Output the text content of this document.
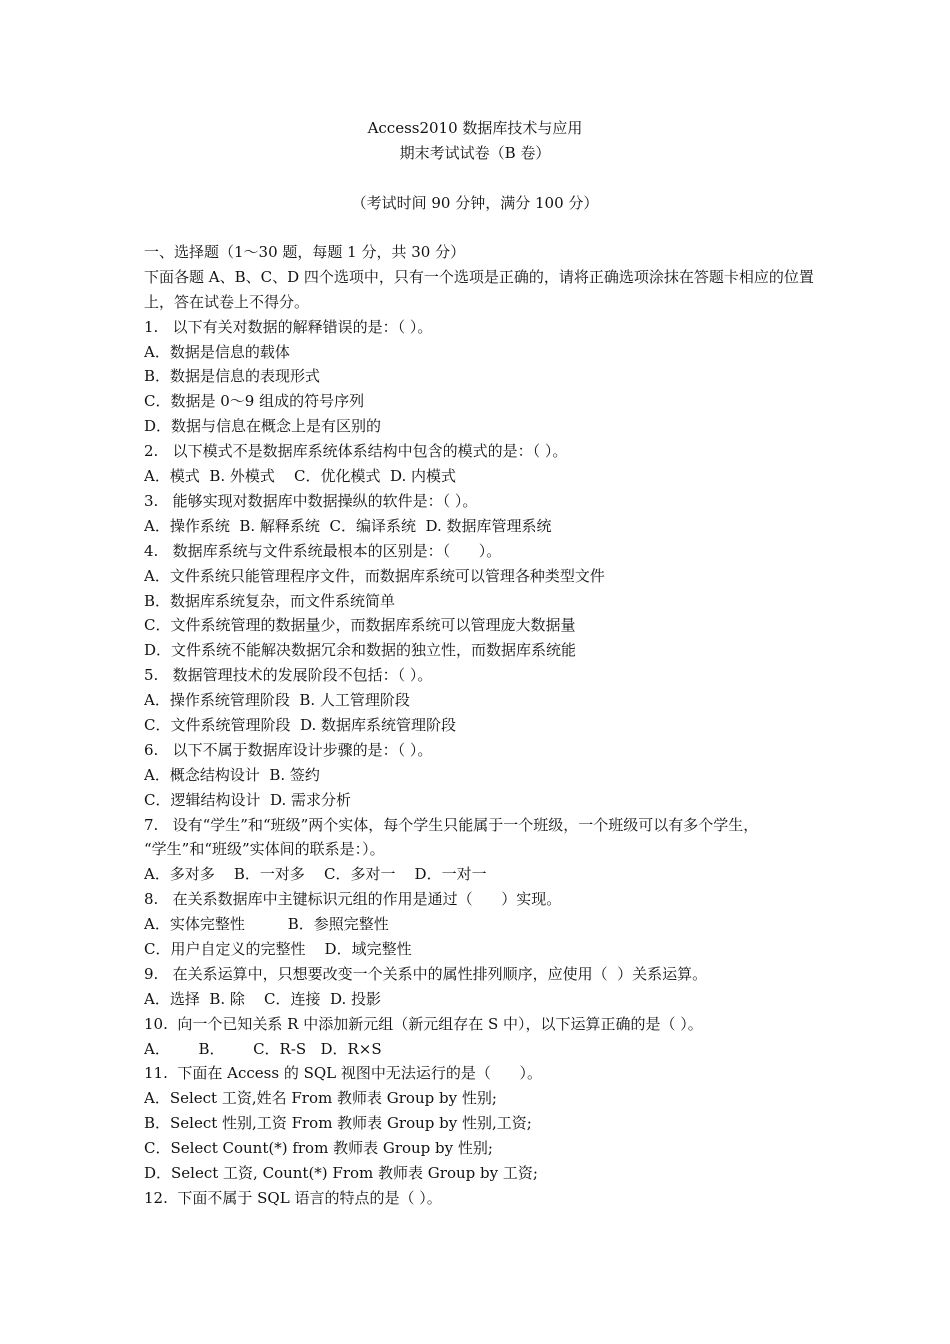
Access2010 数据库技术与应用
期末考试试卷（B 卷）
（考试时间 90 分钟，满分 100 分）
一、选择题（1～30 题，每题 1 分，共 30 分）
下面各题 A、B、C、D 四个选项中，只有一个选项是正确的，请将正确选项涂抹在答题卡相应的位置上，答在试卷上不得分。
1.   以下有关对数据的解释错误的是：（ ）。
A．数据是信息的载体
B．数据是信息的表现形式
C．数据是 0～9 组成的符号序列
D．数据与信息在概念上是有区别的
2.   以下模式不是数据库系统体系结构中包含的模式的是：（ ）。
A．模式  B. 外模式    C．优化模式  D. 内模式
3.   能够实现对数据库中数据操纵的软件是：（ ）。
A．操作系统  B. 解释系统  C．编译系统  D. 数据库管理系统
4.   数据库系统与文件系统最根本的区别是：（      ）。
A．文件系统只能管理程序文件，而数据库系统可以管理各种类型文件
B．数据库系统复杂，而文件系统简单
C．文件系统管理的数据量少，而数据库系统可以管理庞大数据量
D．文件系统不能解决数据冗余和数据的独立性，而数据库系统能
5.   数据管理技术的发展阶段不包括：（ ）。
A．操作系统管理阶段  B. 人工管理阶段
C．文件系统管理阶段  D. 数据库系统管理阶段
6.   以下不属于数据库设计步骤的是：（ ）。
A．概念结构设计  B. 签约
C．逻辑结构设计  D. 需求分析
7.   设有“学生”和“班级”两个实体，每个学生只能属于一个班级，一个班级可以有多个学生，
“学生”和“班级”实体间的联系是：）。
A．多对多    B．一对多    C．多对一    D．一对一
8.   在关系数据库中主键标识元组的作用是通过（      ）实现。
A．实体完整性         B．参照完整性
C．用户自定义的完整性    D．域完整性
9.   在关系运算中，只想要改变一个关系中的属性排列顺序，应使用（  ）关系运算。
A．选择  B. 除    C．连接  D. 投影
10.  向一个已知关系 R 中添加新元组（新元组存在 S 中），以下运算正确的是（ ）。
A．      B．      C．R-S   D．R×S
11.  下面在 Access 的 SQL 视图中无法运行的是（      ）。
A．Select 工资,姓名 From 教师表 Group by 性别;
B．Select 性别,工资 From 教师表 Group by 性别,工资;
C．Select Count(*) from 教师表 Group by 性别;
D．Select 工资, Count(*) From 教师表 Group by 工资;
12.  下面不属于 SQL 语言的特点的是（ ）。
